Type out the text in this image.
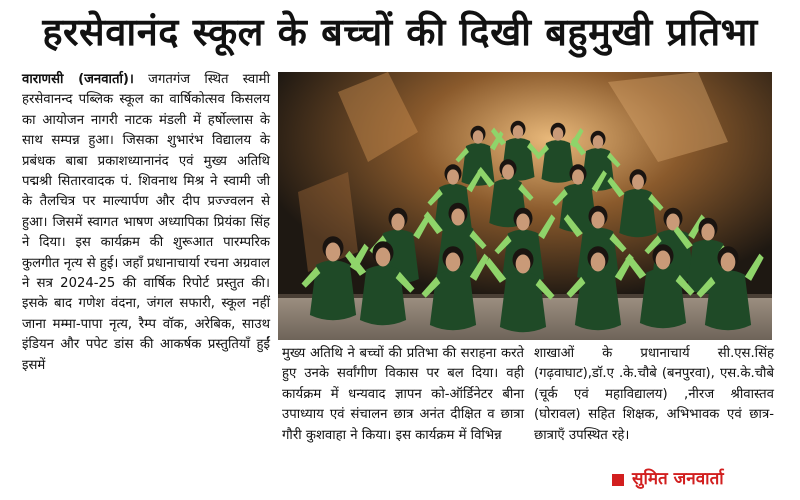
हरसेवानंद स्कूल के बच्चों की दिखी बहुमुखी प्रतिभा
वाराणसी (जनवार्ता)। जगतगंज स्थित स्वामी हरसेवानन्द पब्लिक स्कूल का वार्षिकोत्सव किसलय का आयोजन नागरी नाटक मंडली में हर्षोल्लास के साथ सम्पन्न हुआ। जिसका शुभारंभ विद्यालय के प्रबंधक बाबा प्रकाशध्यानानंद एवं मुख्य अतिथि पद्मश्री सितारवादक पं. शिवनाथ मिश्र ने स्वामी जी के तैलचित्र पर माल्यार्पण और दीप प्रज्ज्वलन से हुआ। जिसमें स्वागत भाषण अध्यापिका प्रियंका सिंह ने दिया। इस कार्यक्रम की शुरूआत पारम्परिक कुलगीत नृत्य से हुई। जहाँ प्रधानाचार्या रचना अग्रवाल ने सत्र 2024-25 की वार्षिक रिपोर्ट प्रस्तुत की। इसके बाद गणेश वंदना, जंगल सफारी, स्कूल नहीं जाना मम्मा-पापा नृत्य, रैम्प वॉक, अरेबिक, साउथ इंडियन और पपेट डांस की आकर्षक प्रस्तुतियाँ हुईं इसमें
मुख्य अतिथि ने बच्चों की प्रतिभा की सराहना करते हुए उनके सर्वांगीण विकास पर बल दिया। वही कार्यक्रम में धन्यवाद ज्ञापन को-ऑर्डिनेटर बीना उपाध्याय एवं संचालन छात्र अनंत दीक्षित व छात्रा गौरी कुशवाहा ने किया। इस कार्यक्रम में विभिन्न
शाखाओं के प्रधानाचार्य सी.एस.सिंह (गढ़वाघाट),डॉ.ए .के.चौबे (बनपुरवा), एस.के.चौबे (चूर्क एवं महाविद्यालय) ,नीरज श्रीवास्तव (घोरावल) सहित शिक्षक, अभिभावक एवं छात्र-छात्राएँ उपस्थित रहे।
सुमित जनवार्ता
